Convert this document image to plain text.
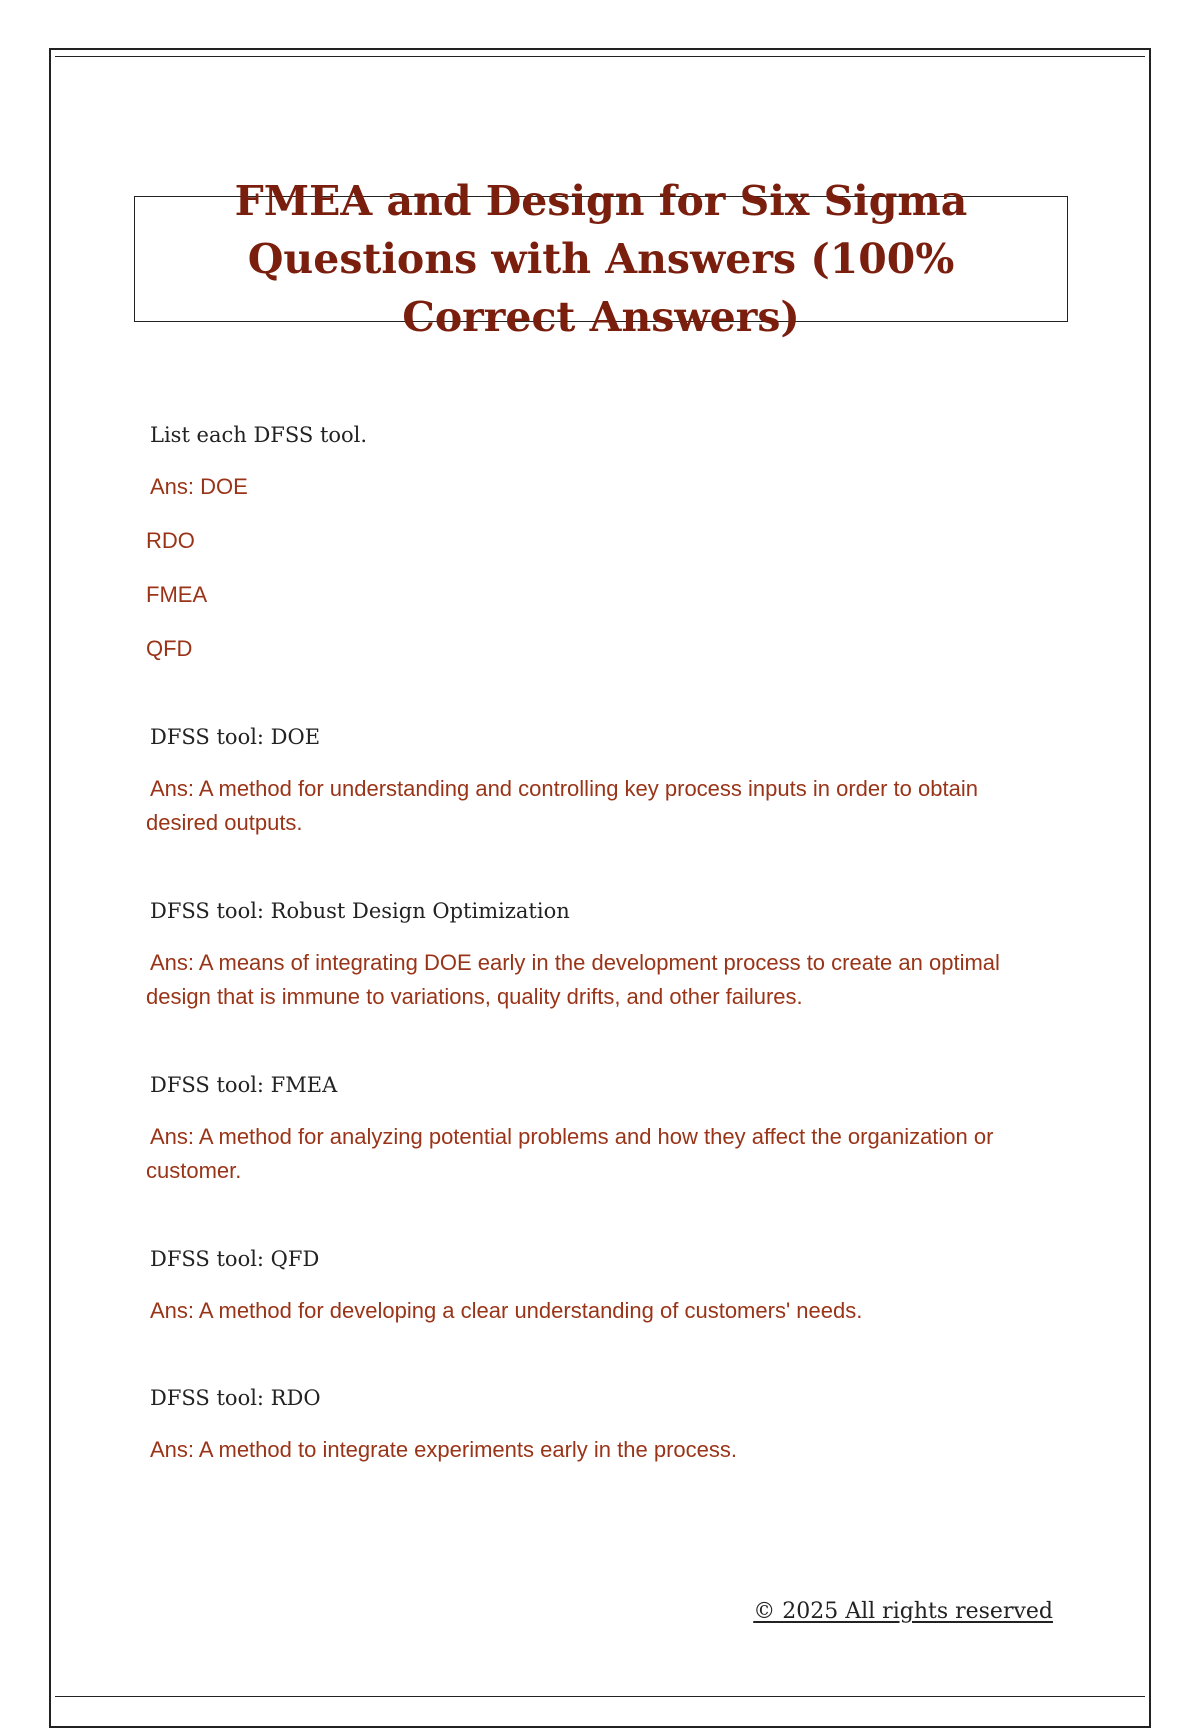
FMEA and Design for Six Sigma Questions with Answers (100% Correct Answers)

List each DFSS tool.

Ans: DOE

RDO

FMEA

QFD

DFSS tool: DOE

Ans: A method for understanding and controlling key process inputs in order to obtain desired outputs.

DFSS tool: Robust Design Optimization

Ans: A means of integrating DOE early in the development process to create an optimal design that is immune to variations, quality drifts, and other failures.

DFSS tool: FMEA

Ans: A method for analyzing potential problems and how they affect the organization or customer.

DFSS tool: QFD

Ans: A method for developing a clear understanding of customers' needs.

DFSS tool: RDO

Ans: A method to integrate experiments early in the process.

© 2025 All rights reserved
